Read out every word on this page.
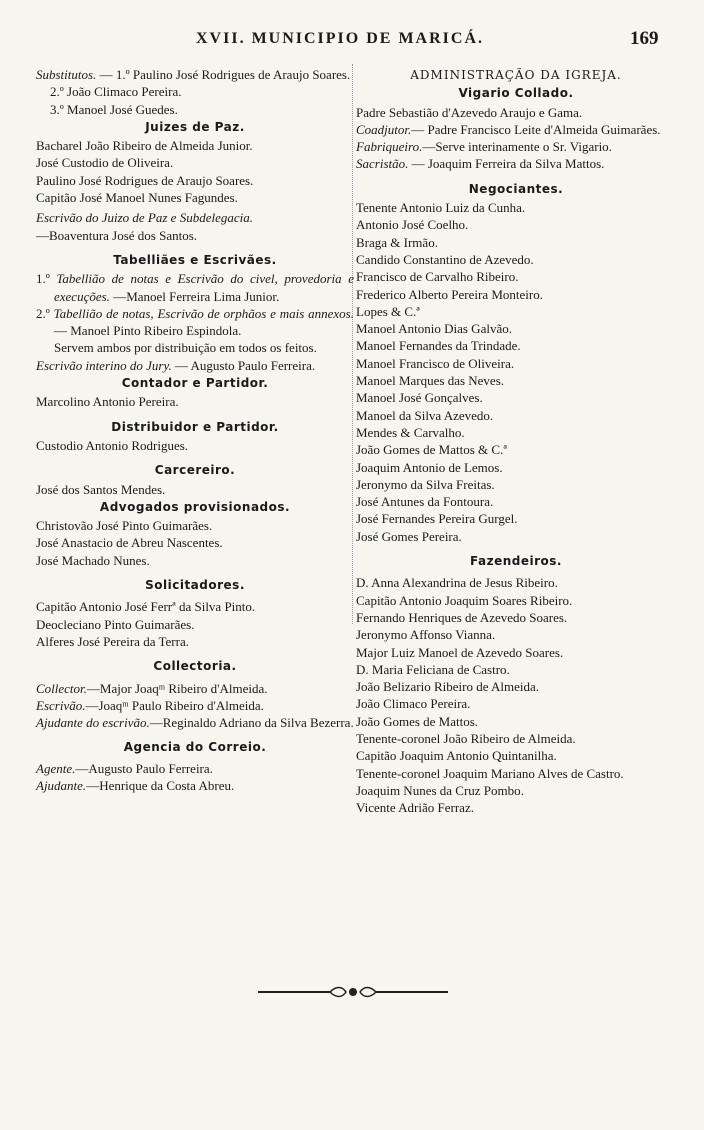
XVII. MUNICIPIO DE MARICÁ.	169

Substitutos. — 1.º Paulino José Rodrigues de Araujo Soares.

2.º João Climaco Pereira.

3.º Manoel José Guedes.

Juizes de Paz.

Bacharel João Ribeiro de Almeida Junior.

José Custodio de Oliveira.

Paulino José Rodrigues de Araujo Soares.

Capitão José Manoel Nunes Fagundes.

Escrivão do Juizo de Paz e Subdelegacia.

—Boaventura José dos Santos.

Tabelliães e Escrivães.

1.º Tabellião de notas e Escrivão do civel, provedoria e execuções. —Manoel Ferreira Lima Junior.

2.º Tabellião de notas, Escrivão de orphãos e mais annexos. — Manoel Pinto Ribeiro Espindola.

Servem ambos por distribuição em todos os feitos.

Escrivão interino do Jury. — Augusto Paulo Ferreira.

Contador e Partidor.

Marcolino Antonio Pereira.

Distribuidor e Partidor.

Custodio Antonio Rodrigues.

Carcereiro.

José dos Santos Mendes.

Advogados provisionados.

Christovão José Pinto Guimarães.

José Anastacio de Abreu Nascentes.

José Machado Nunes.

Solicitadores.

Capitão Antonio José Ferrª da Silva Pinto.

Deocleciano Pinto Guimarães.

Alferes José Pereira da Terra.

Collectoria.

Collector.—Major Joaqᵐ Ribeiro d'Almeida.

Escrivão.—Joaqᵐ Paulo Ribeiro d'Almeida.

Ajudante do escrivão.—Reginaldo Adriano da Silva Bezerra.

Agencia do Correio.

Agente.—Augusto Paulo Ferreira.

Ajudante.—Henrique da Costa Abreu.

ADMINISTRAÇÃO DA IGREJA.
Vigario Collado.

Padre Sebastião d'Azevedo Araujo e Gama.

Coadjutor.— Padre Francisco Leite d'Almeida Guimarães.

Fabriqueiro.—Serve interinamente o Sr. Vigario.

Sacristão. — Joaquim Ferreira da Silva Mattos.

Negociantes.

Tenente Antonio Luiz da Cunha.

Antonio José Coelho.

Braga & Irmão.

Candido Constantino de Azevedo.

Francisco de Carvalho Ribeiro.

Frederico Alberto Pereira Monteiro.

Lopes & C.ª

Manoel Antonio Dias Galvão.

Manoel Fernandes da Trindade.

Manoel Francisco de Oliveira.

Manoel Marques das Neves.

Manoel José Gonçalves.

Manoel da Silva Azevedo.

Mendes & Carvalho.

João Gomes de Mattos & C.ª

Joaquim Antonio de Lemos.

Jeronymo da Silva Freitas.

José Antunes da Fontoura.

José Fernandes Pereira Gurgel.

José Gomes Pereira.

Fazendeiros.

D. Anna Alexandrina de Jesus Ribeiro.

Capitão Antonio Joaquim Soares Ribeiro.

Fernando Henriques de Azevedo Soares.

Jeronymo Affonso Vianna.

Major Luiz Manoel de Azevedo Soares.

D. Maria Feliciana de Castro.

João Belizario Ribeiro de Almeida.

João Climaco Pereira.

João Gomes de Mattos.

Tenente-coronel João Ribeiro de Almeida.

Capitão Joaquim Antonio Quintanilha.

Tenente-coronel Joaquim Mariano Alves de Castro.

Joaquim Nunes da Cruz Pombo.

Vicente Adrião Ferraz.
